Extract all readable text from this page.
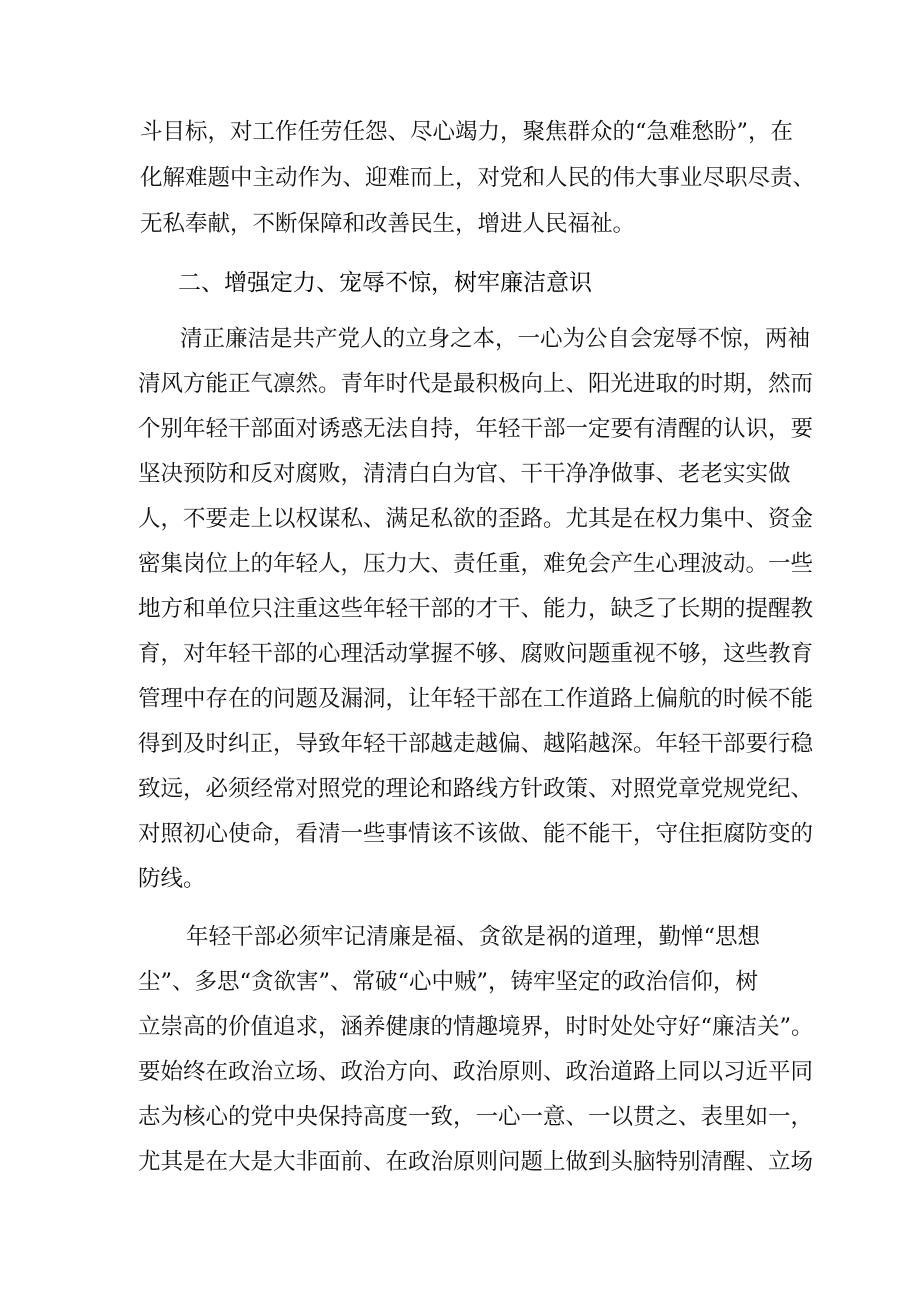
斗目标，对工作任劳任怨、尽心竭力，聚焦群众的“急难愁盼”，在
化解难题中主动作为、迎难而上，对党和人民的伟大事业尽职尽责、
无私奉献，不断保障和改善民生，增进人民福祉。
二、增强定力、宠辱不惊，树牢廉洁意识
清正廉洁是共产党人的立身之本，一心为公自会宠辱不惊，两袖
清风方能正气凛然。青年时代是最积极向上、阳光进取的时期，然而
个别年轻干部面对诱惑无法自持，年轻干部一定要有清醒的认识，要
坚决预防和反对腐败，清清白白为官、干干净净做事、老老实实做
人，不要走上以权谋私、满足私欲的歪路。尤其是在权力集中、资金
密集岗位上的年轻人，压力大、责任重，难免会产生心理波动。一些
地方和单位只注重这些年轻干部的才干、能力，缺乏了长期的提醒教
育，对年轻干部的心理活动掌握不够、腐败问题重视不够，这些教育
管理中存在的问题及漏洞，让年轻干部在工作道路上偏航的时候不能
得到及时纠正，导致年轻干部越走越偏、越陷越深。年轻干部要行稳
致远，必须经常对照党的理论和路线方针政策、对照党章党规党纪、
对照初心使命，看清一些事情该不该做、能不能干，守住拒腐防变的
防线。
年轻干部必须牢记清廉是福、贪欲是祸的道理，勤惮“思想
尘”、多思“贪欲害”、常破“心中贼”，铸牢坚定的政治信仰，树
立崇高的价值追求，涵养健康的情趣境界，时时处处守好“廉洁关”。
要始终在政治立场、政治方向、政治原则、政治道路上同以习近平同
志为核心的党中央保持高度一致，一心一意、一以贯之、表里如一，
尤其是在大是大非面前、在政治原则问题上做到头脑特别清醒、立场
